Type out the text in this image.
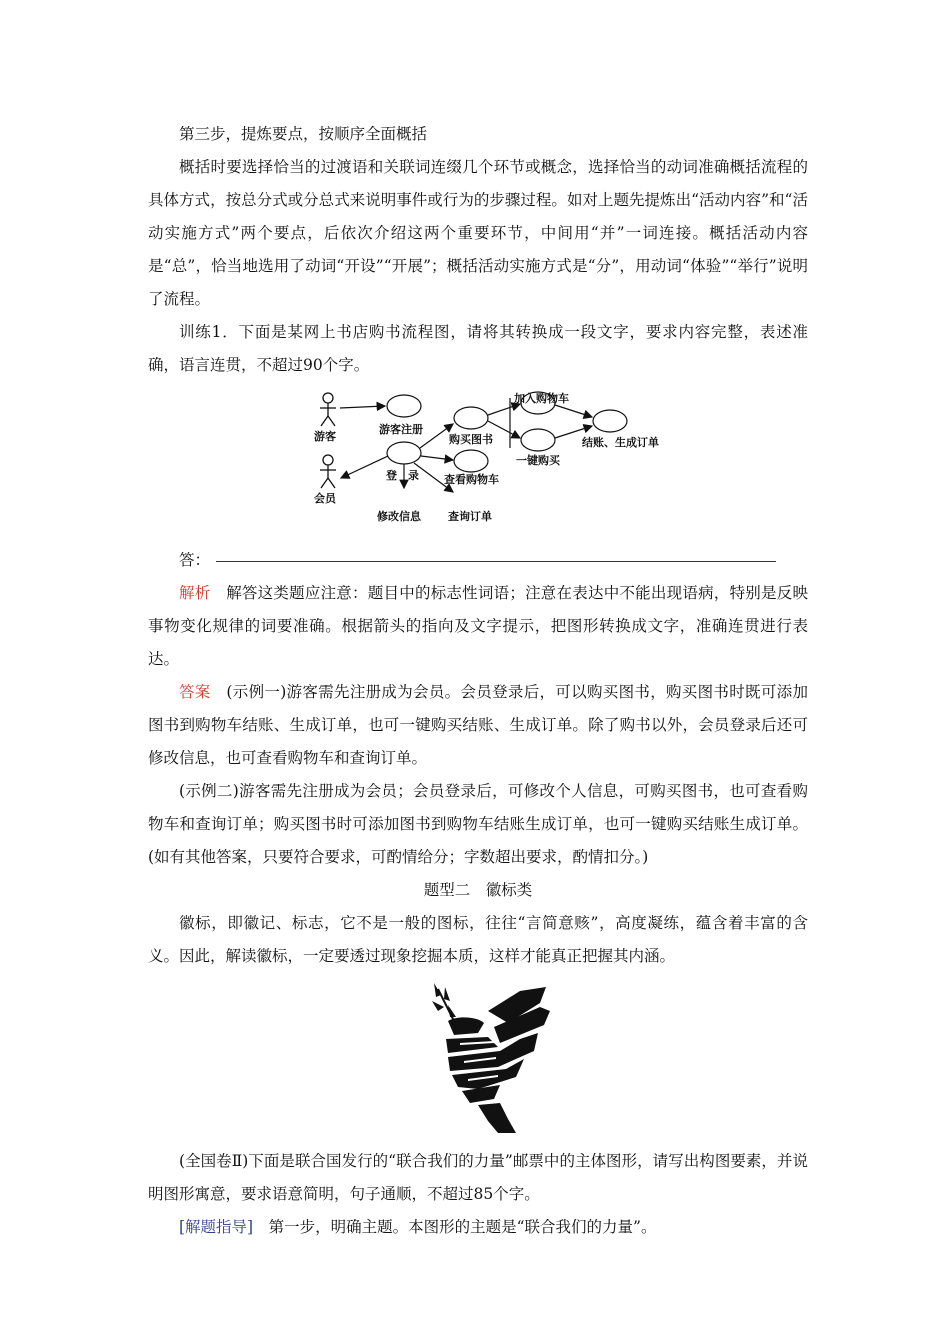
第三步，提炼要点，按顺序全面概括

概括时要选择恰当的过渡语和关联词连缀几个环节或概念，选择恰当的动词准确概括流程的具体方式，按总分式或分总式来说明事件或行为的步骤过程。如对上题先提炼出“活动内容”和“活动实施方式”两个要点，后依次介绍这两个重要环节，中间用“并”一词连接。概括活动内容是“总”，恰当地选用了动词“开设”“开展”；概括活动实施方式是“分”，用动词“体验”“举行”说明了流程。

训练1．下面是某网上书店购书流程图，请将其转换成一段文字，要求内容完整，表述准确，语言连贯，不超过90个字。

游客
会员
游客注册
登　录
修改信息
购买图书
查看购物车
查询订单
加入购物车
一键购买
结账、生成订单

答：

解析　解答这类题应注意：题目中的标志性词语；注意在表达中不能出现语病，特别是反映事物变化规律的词要准确。根据箭头的指向及文字提示，把图形转换成文字，准确连贯进行表达。

答案　(示例一)游客需先注册成为会员。会员登录后，可以购买图书，购买图书时既可添加图书到购物车结账、生成订单，也可一键购买结账、生成订单。除了购书以外，会员登录后还可修改信息，也可查看购物车和查询订单。

(示例二)游客需先注册成为会员；会员登录后，可修改个人信息，可购买图书，也可查看购物车和查询订单；购买图书时可添加图书到购物车结账生成订单，也可一键购买结账生成订单。(如有其他答案，只要符合要求，可酌情给分；字数超出要求，酌情扣分。)

题型二　徽标类

徽标，即徽记、标志，它不是一般的图标，往往“言简意赅”，高度凝练，蕴含着丰富的含义。因此，解读徽标，一定要透过现象挖掘本质，这样才能真正把握其内涵。

(全国卷Ⅱ)下面是联合国发行的“联合我们的力量”邮票中的主体图形，请写出构图要素，并说明图形寓意，要求语意简明，句子通顺，不超过85个字。

[解题指导]　第一步，明确主题。本图形的主题是“联合我们的力量”。
